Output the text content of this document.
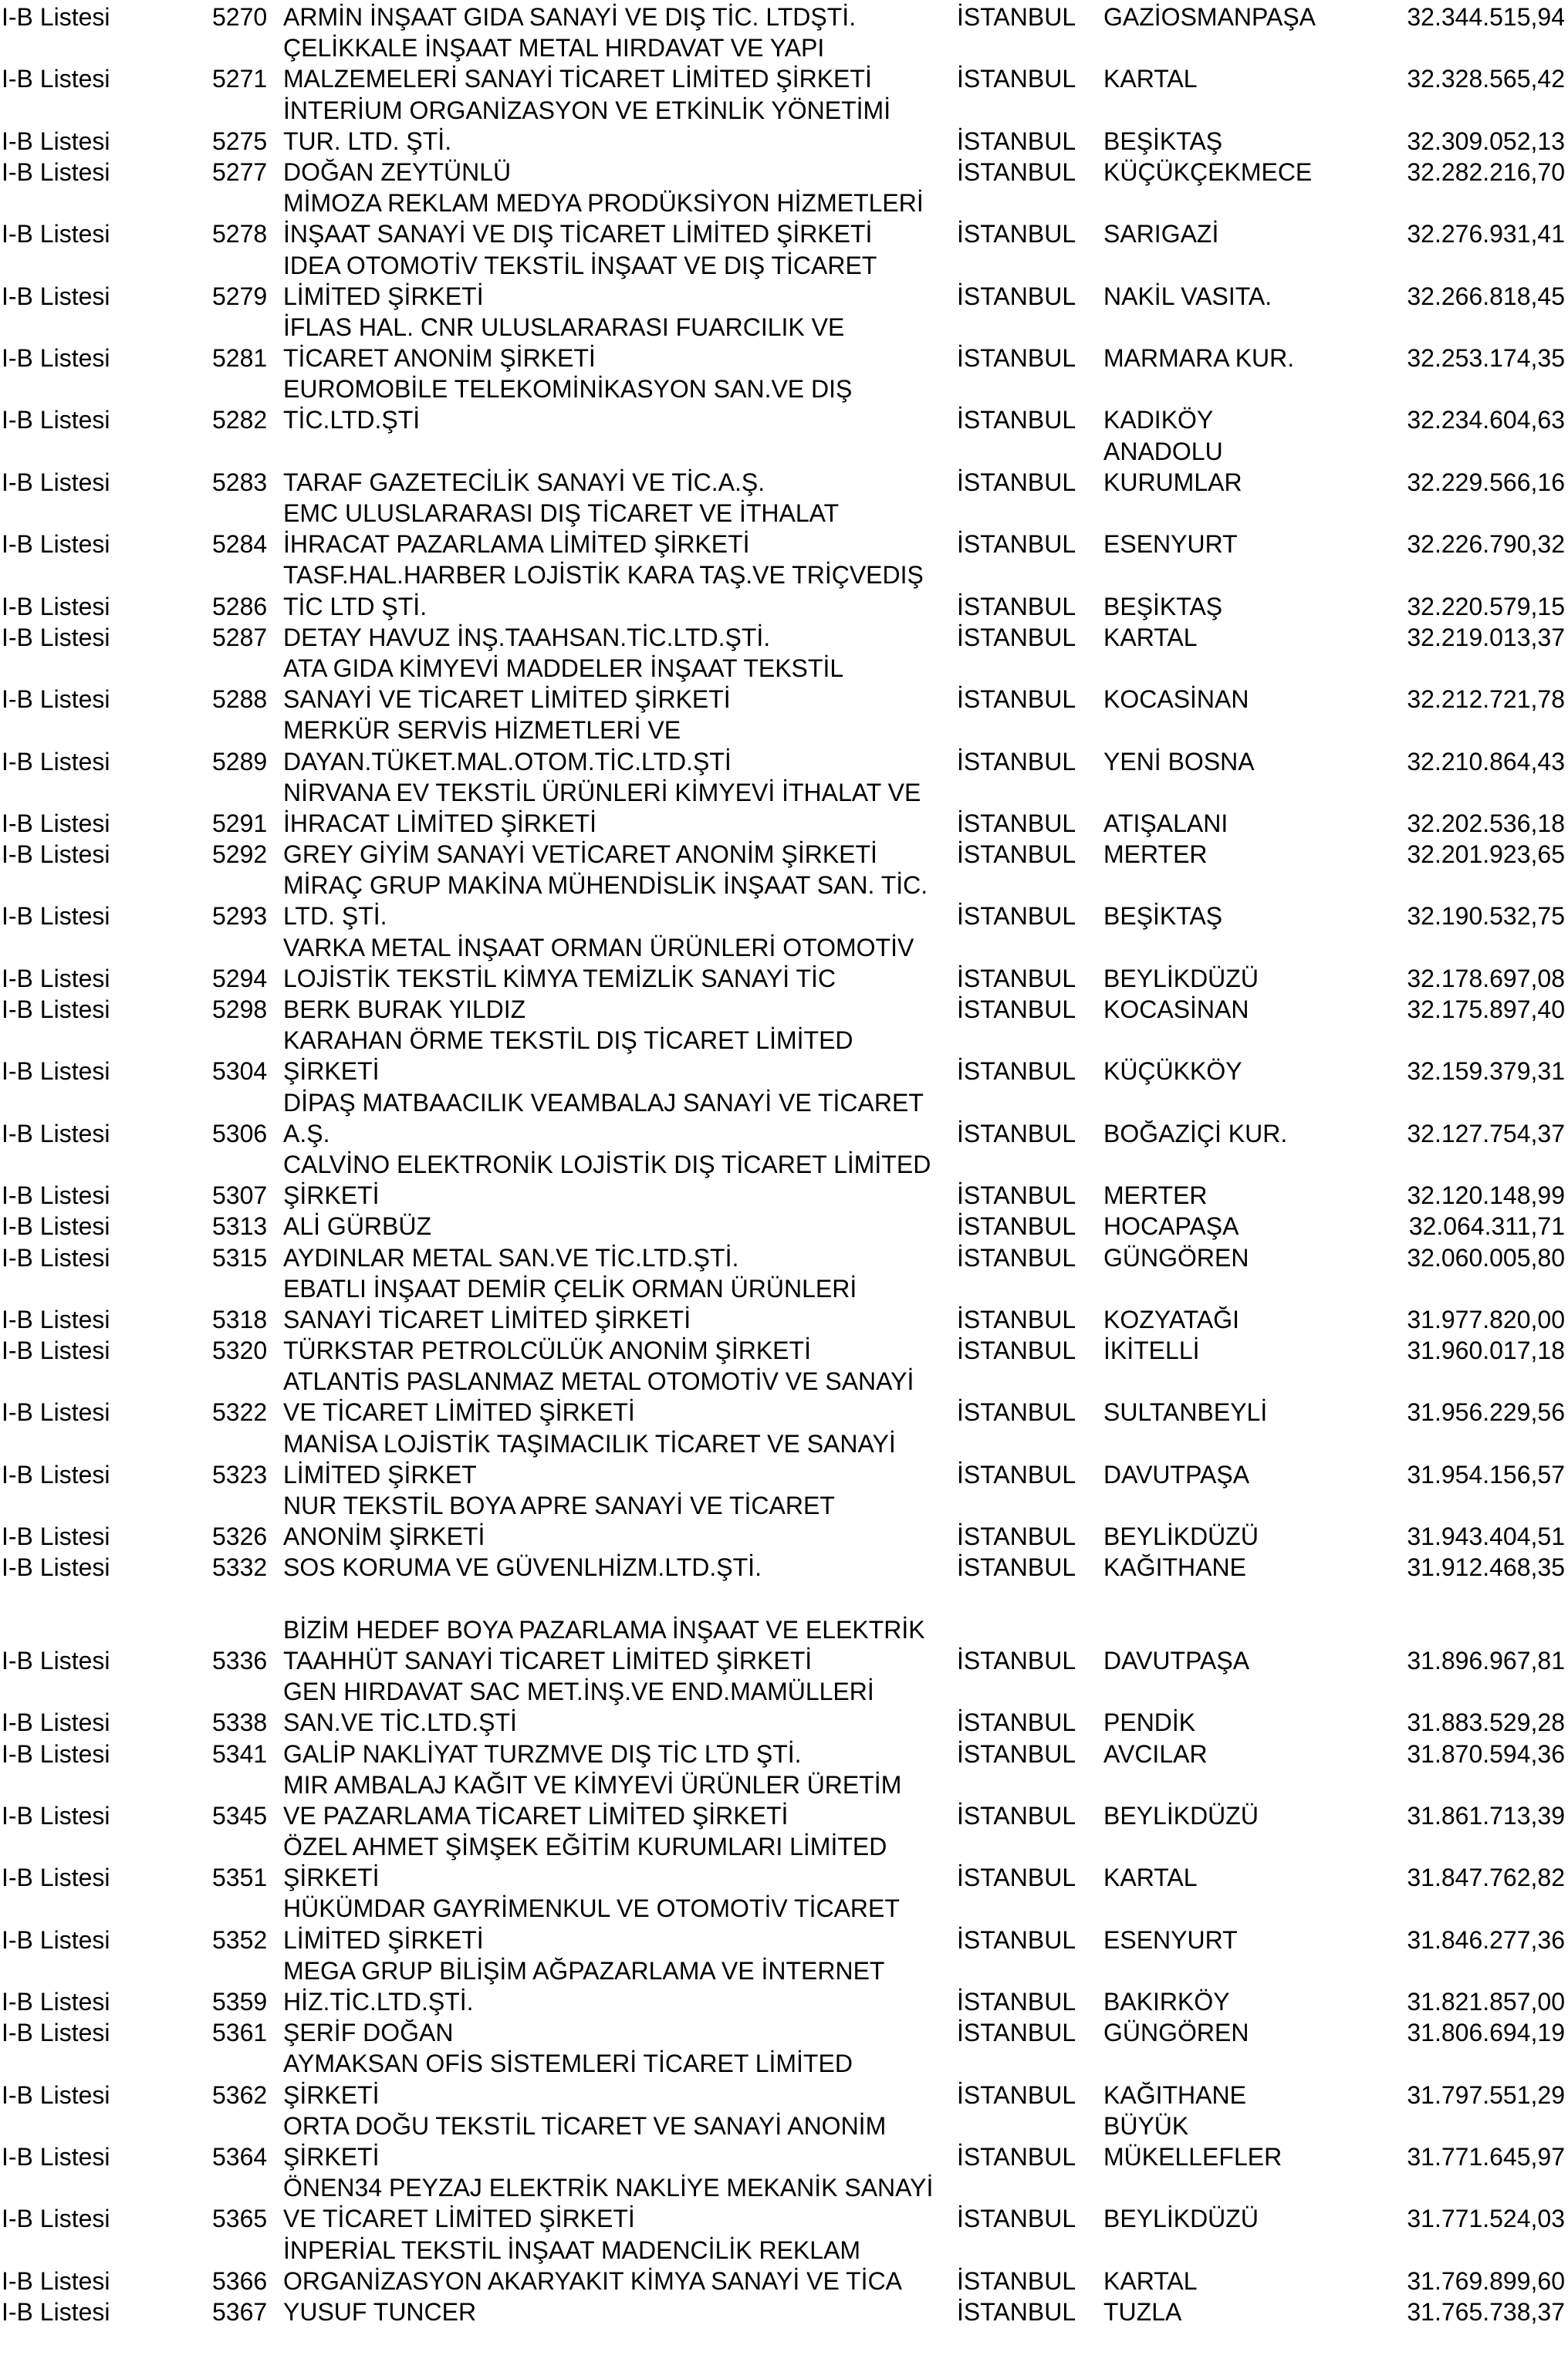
I-B Listesi	5270 ARMİN İNŞAAT GIDA SANAYİ VE DIŞ TİC. LTDŞTİ.	İSTANBUL	GAZİOSMANPAŞA	32.344.515,94
ÇELİKKALE İNŞAAT METAL HIRDAVAT VE YAPI
I-B Listesi	5271 MALZEMELERİ SANAYİ TİCARET LİMİTED ŞİRKETİ	İSTANBUL	KARTAL	32.328.565,42
İNTERİUM ORGANİZASYON VE ETKİNLİK YÖNETİMİ
I-B Listesi	5275 TUR. LTD. ŞTİ.	İSTANBUL	BEŞİKTAŞ	32.309.052,13
I-B Listesi	5277 DOĞAN ZEYTÜNLÜ	İSTANBUL	KÜÇÜKÇEKMECE	32.282.216,70
MİMOZA REKLAM MEDYA PRODÜKSİYON HİZMETLERİ
I-B Listesi	5278 İNŞAAT SANAYİ VE DIŞ TİCARET LİMİTED ŞİRKETİ	İSTANBUL	SARIGAZİ	32.276.931,41
IDEA OTOMOTİV TEKSTİL İNŞAAT VE DIŞ TİCARET
I-B Listesi	5279 LİMİTED ŞİRKETİ	İSTANBUL	NAKİL VASITA.	32.266.818,45
İFLAS HAL. CNR ULUSLARARASI FUARCILIK VE
I-B Listesi	5281 TİCARET ANONİM ŞİRKETİ	İSTANBUL	MARMARA KUR.	32.253.174,35
EUROMOBİLE TELEKOMİNİKASYON SAN.VE DIŞ
I-B Listesi	5282 TİC.LTD.ŞTİ	İSTANBUL	KADIKÖY	32.234.604,63
ANADOLU
I-B Listesi	5283 TARAF GAZETECİLİK SANAYİ VE TİC.A.Ş.	İSTANBUL	KURUMLAR	32.229.566,16
EMC ULUSLARARASI DIŞ TİCARET VE İTHALAT
I-B Listesi	5284 İHRACAT PAZARLAMA LİMİTED ŞİRKETİ	İSTANBUL	ESENYURT	32.226.790,32
TASF.HAL.HARBER LOJİSTİK KARA TAŞ.VE TRİÇVEDIŞ
I-B Listesi	5286 TİC LTD ŞTİ.	İSTANBUL	BEŞİKTAŞ	32.220.579,15
I-B Listesi	5287 DETAY HAVUZ İNŞ.TAAHSAN.TİC.LTD.ŞTİ.	İSTANBUL	KARTAL	32.219.013,37
ATA GIDA KİMYEVİ MADDELER İNŞAAT TEKSTİL
I-B Listesi	5288 SANAYİ VE TİCARET LİMİTED ŞİRKETİ	İSTANBUL	KOCASİNAN	32.212.721,78
MERKÜR SERVİS HİZMETLERİ VE
I-B Listesi	5289 DAYAN.TÜKET.MAL.OTOM.TİC.LTD.ŞTİ	İSTANBUL	YENİ BOSNA	32.210.864,43
NİRVANA EV TEKSTİL ÜRÜNLERİ KİMYEVİ İTHALAT VE
I-B Listesi	5291 İHRACAT LİMİTED ŞİRKETİ	İSTANBUL	ATIŞALANI	32.202.536,18
I-B Listesi	5292 GREY GİYİM SANAYİ VETİCARET ANONİM ŞİRKETİ	İSTANBUL	MERTER	32.201.923,65
MİRAÇ GRUP MAKİNA MÜHENDİSLİK İNŞAAT SAN. TİC.
I-B Listesi	5293 LTD. ŞTİ.	İSTANBUL	BEŞİKTAŞ	32.190.532,75
VARKA METAL İNŞAAT ORMAN ÜRÜNLERİ OTOMOTİV
I-B Listesi	5294 LOJİSTİK TEKSTİL KİMYA TEMİZLİK SANAYİ TİC	İSTANBUL	BEYLİKDÜZÜ	32.178.697,08
I-B Listesi	5298 BERK BURAK YILDIZ	İSTANBUL	KOCASİNAN	32.175.897,40
KARAHAN ÖRME TEKSTİL DIŞ TİCARET LİMİTED
I-B Listesi	5304 ŞİRKETİ	İSTANBUL	KÜÇÜKKÖY	32.159.379,31
DİPAŞ MATBAACILIK VEAMBALAJ SANAYİ VE TİCARET
I-B Listesi	5306 A.Ş.	İSTANBUL	BOĞAZİÇİ KUR.	32.127.754,37
CALVİNO ELEKTRONİK LOJİSTİK DIŞ TİCARET LİMİTED
I-B Listesi	5307 ŞİRKETİ	İSTANBUL	MERTER	32.120.148,99
I-B Listesi	5313 ALİ GÜRBÜZ	İSTANBUL	HOCAPAŞA	32.064.311,71
I-B Listesi	5315 AYDINLAR METAL SAN.VE TİC.LTD.ŞTİ.	İSTANBUL	GÜNGÖREN	32.060.005,80
EBATLI İNŞAAT DEMİR ÇELİK ORMAN ÜRÜNLERİ
I-B Listesi	5318 SANAYİ TİCARET LİMİTED ŞİRKETİ	İSTANBUL	KOZYATAĞI	31.977.820,00
I-B Listesi	5320 TÜRKSTAR PETROLCÜLÜK ANONİM ŞİRKETİ	İSTANBUL	İKİTELLİ	31.960.017,18
ATLANTİS PASLANMAZ METAL OTOMOTİV VE SANAYİ
I-B Listesi	5322 VE TİCARET LİMİTED ŞİRKETİ	İSTANBUL	SULTANBEYLİ	31.956.229,56
MANİSA LOJİSTİK TAŞIMACILIK TİCARET VE SANAYİ
I-B Listesi	5323 LİMİTED ŞİRKET	İSTANBUL	DAVUTPAŞA	31.954.156,57
NUR TEKSTİL BOYA APRE SANAYİ VE TİCARET
I-B Listesi	5326 ANONİM ŞİRKETİ	İSTANBUL	BEYLİKDÜZÜ	31.943.404,51
I-B Listesi	5332 SOS KORUMA VE GÜVENLHİZM.LTD.ŞTİ.	İSTANBUL	KAĞITHANE	31.912.468,35
BİZİM HEDEF BOYA PAZARLAMA İNŞAAT VE ELEKTRİK
I-B Listesi	5336 TAAHHÜT SANAYİ TİCARET LİMİTED ŞİRKETİ	İSTANBUL	DAVUTPAŞA	31.896.967,81
GEN HIRDAVAT SAC MET.İNŞ.VE END.MAMÜLLERİ
I-B Listesi	5338 SAN.VE TİC.LTD.ŞTİ	İSTANBUL	PENDİK	31.883.529,28
I-B Listesi	5341 GALİP NAKLİYAT TURZMVE DIŞ TİC LTD ŞTİ.	İSTANBUL	AVCILAR	31.870.594,36
MIR AMBALAJ KAĞIT VE KİMYEVİ ÜRÜNLER ÜRETİM
I-B Listesi	5345 VE PAZARLAMA TİCARET LİMİTED ŞİRKETİ	İSTANBUL	BEYLİKDÜZÜ	31.861.713,39
ÖZEL AHMET ŞİMŞEK EĞİTİM KURUMLARI LİMİTED
I-B Listesi	5351 ŞİRKETİ	İSTANBUL	KARTAL	31.847.762,82
HÜKÜMDAR GAYRİMENKUL VE OTOMOTİV TİCARET
I-B Listesi	5352 LİMİTED ŞİRKETİ	İSTANBUL	ESENYURT	31.846.277,36
MEGA GRUP BİLİŞİM AĞPAZARLAMA VE İNTERNET
I-B Listesi	5359 HİZ.TİC.LTD.ŞTİ.	İSTANBUL	BAKIRKÖY	31.821.857,00
I-B Listesi	5361 ŞERİF DOĞAN	İSTANBUL	GÜNGÖREN	31.806.694,19
AYMAKSAN OFİS SİSTEMLERİ TİCARET LİMİTED
I-B Listesi	5362 ŞİRKETİ	İSTANBUL	KAĞITHANE	31.797.551,29
ORTA DOĞU TEKSTİL TİCARET VE SANAYİ ANONİM	BÜYÜK
I-B Listesi	5364 ŞİRKETİ	İSTANBUL	MÜKELLEFLER	31.771.645,97
ÖNEN34 PEYZAJ ELEKTRİK NAKLİYE MEKANİK SANAYİ
I-B Listesi	5365 VE TİCARET LİMİTED ŞİRKETİ	İSTANBUL	BEYLİKDÜZÜ	31.771.524,03
İNPERİAL TEKSTİL İNŞAAT MADENCİLİK REKLAM
I-B Listesi	5366 ORGANİZASYON AKARYAKIT KİMYA SANAYİ VE TİCA	İSTANBUL	KARTAL	31.769.899,60
I-B Listesi	5367 YUSUF TUNCER	İSTANBUL	TUZLA	31.765.738,37
